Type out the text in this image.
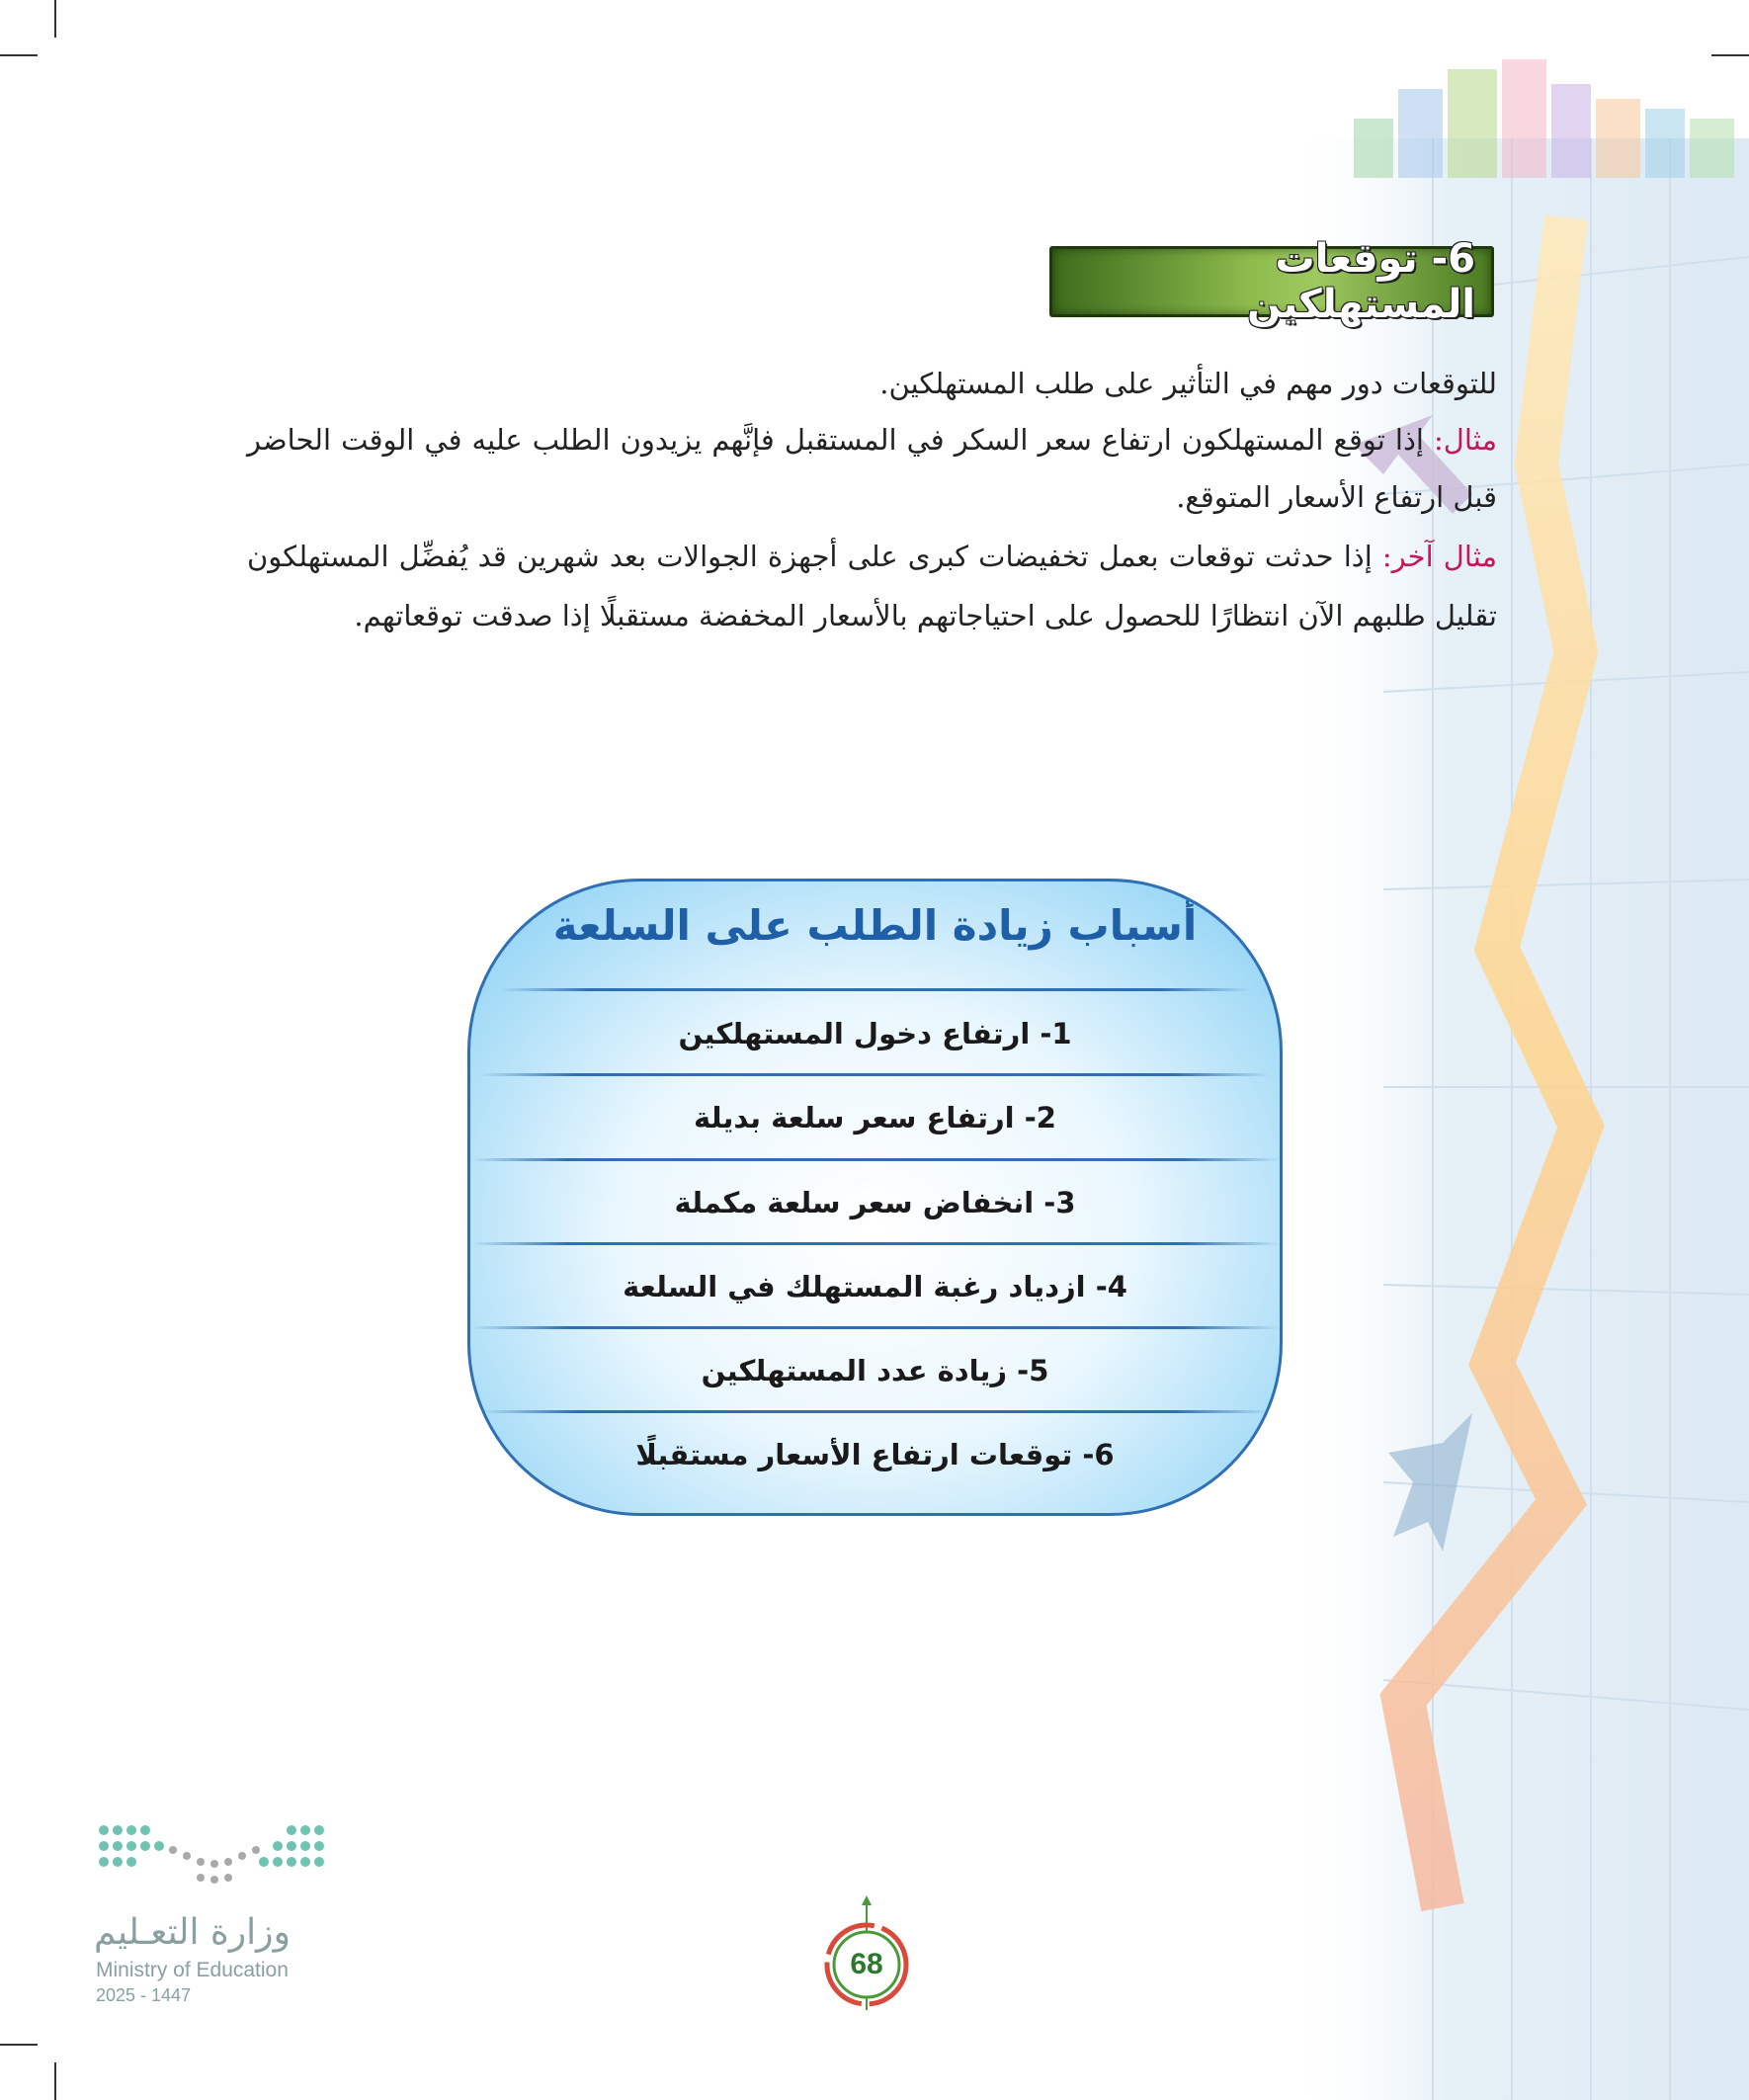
6- توقعات المستهلكين

للتوقعات دور مهم في التأثير على طلب المستهلكين.

مثال: إذا توقع المستهلكون ارتفاع سعر السكر في المستقبل فإنَّهم يزيدون الطلب عليه في الوقت الحاضر قبل ارتفاع الأسعار المتوقع.

مثال آخر: إذا حدثت توقعات بعمل تخفيضات كبرى على أجهزة الجوالات بعد شهرين قد يُفضِّل المستهلكون تقليل طلبهم الآن انتظارًا للحصول على احتياجاتهم بالأسعار المخفضة مستقبلًا إذا صدقت توقعاتهم.

أسباب زيادة الطلب على السلعة
1- ارتفاع دخول المستهلكين
2- ارتفاع سعر سلعة بديلة
3- انخفاض سعر سلعة مكملة
4- ازدياد رغبة المستهلك في السلعة
5- زيادة عدد المستهلكين
6- توقعات ارتفاع الأسعار مستقبلًا
وزارة التعـليم
Ministry of Education
2025 - 1447
68
